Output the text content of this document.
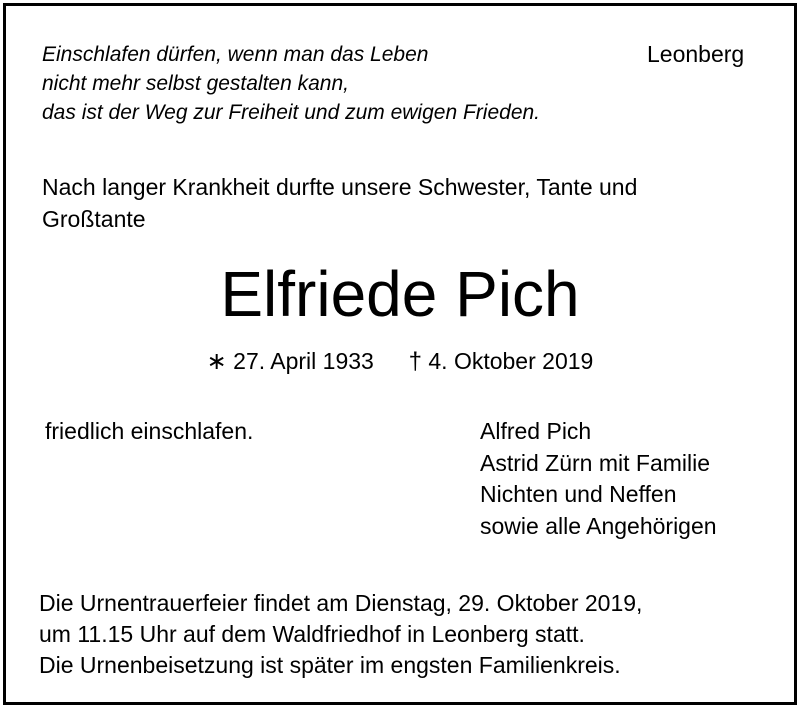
Einschlafen dürfen, wenn man das Leben
nicht mehr selbst gestalten kann,
das ist der Weg zur Freiheit und zum ewigen Frieden.
Leonberg
Nach langer Krankheit durfte unsere Schwester, Tante und
Großtante
Elfriede Pich
∗ 27. April 1933 † 4. Oktober 2019
friedlich einschlafen.	Alfred Pich
Astrid Zürn mit Familie
Nichten und Neffen
sowie alle Angehörigen
Die Urnentrauerfeier findet am Dienstag, 29. Oktober 2019,
um 11.15 Uhr auf dem Waldfriedhof in Leonberg statt.
Die Urnenbeisetzung ist später im engsten Familienkreis.
